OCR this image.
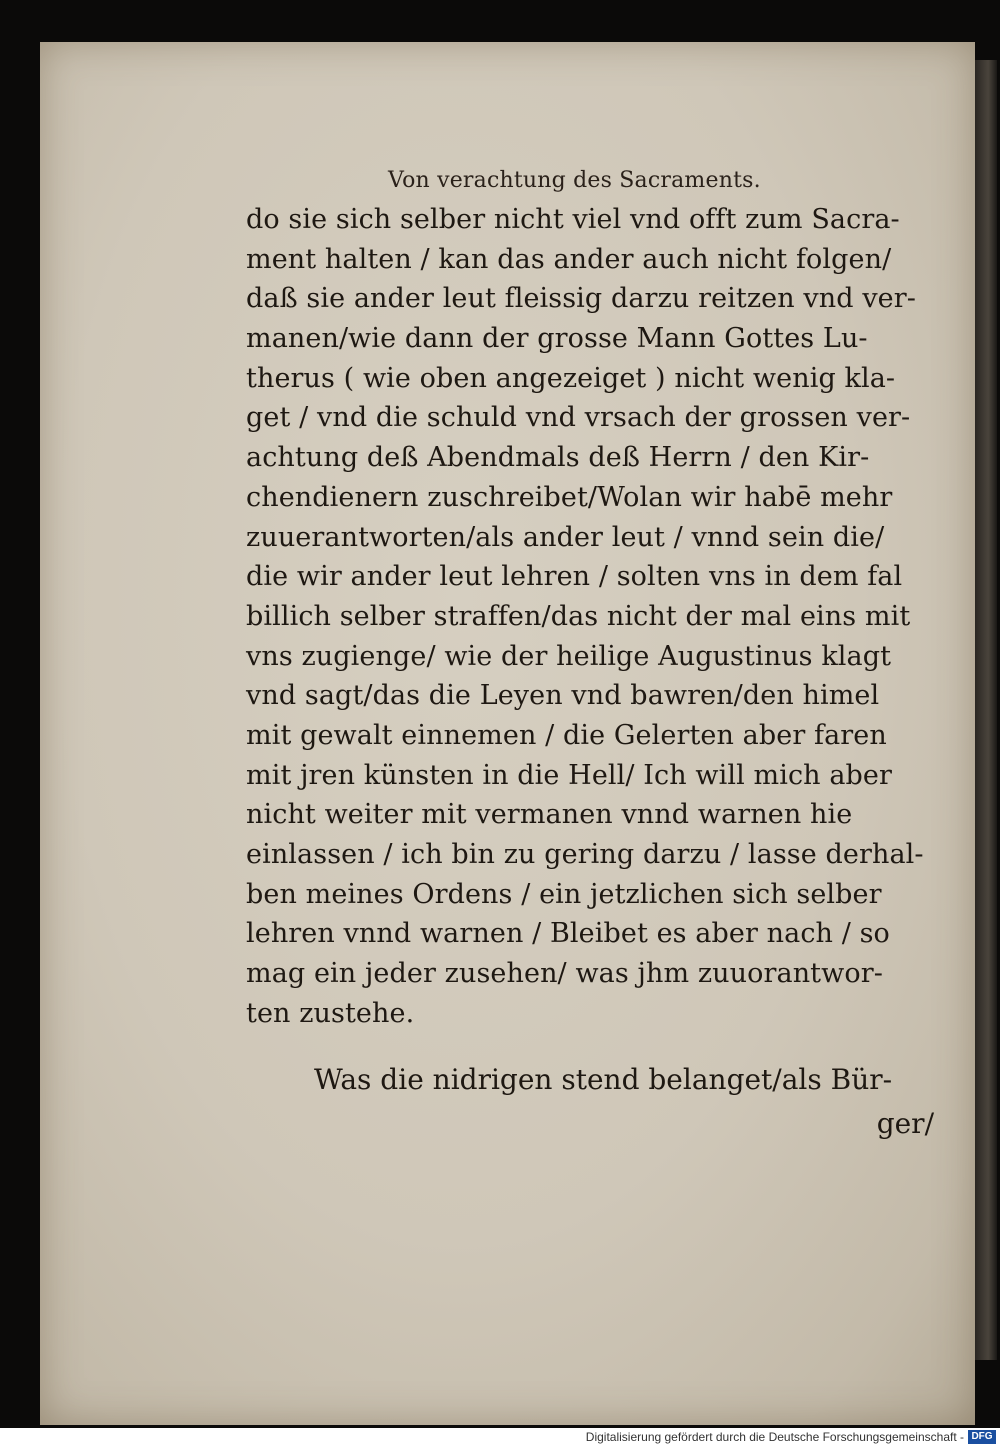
Von verachtung des Sacraments.
do sie sich selber nicht viel vnd offt zum Sacra-
ment halten / kan das ander auch nicht folgen/
daß sie ander leut fleissig darzu reitzen vnd ver-
manen/wie dann der grosse Mann Gottes Lu-
therus ( wie oben angezeiget ) nicht wenig kla-
get / vnd die schuld vnd vrsach der grossen ver-
achtung deß Abendmals deß Herrn / den Kir-
chendienern zuschreibet/Wolan wir habē mehr
zuuerantworten/als ander leut / vnnd sein die/
die wir ander leut lehren / solten vns in dem fal
billich selber straffen/das nicht der mal eins mit
vns zugienge/ wie der heilige Augustinus klagt
vnd sagt/das die Leyen vnd bawren/den himel
mit gewalt einnemen / die Gelerten aber faren
mit jren künsten in die Hell/ Ich will mich aber
nicht weiter mit vermanen vnnd warnen hie
einlassen / ich bin zu gering darzu / lasse derhal-
ben meines Ordens / ein jetzlichen sich selber
lehren vnnd warnen / Bleibet es aber nach / so
mag ein jeder zusehen/ was jhm zuuorantwor-
ten zustehe.
Was die nidrigen stend belanget/als Bür-
ger/
Digitalisierung gefördert durch die Deutsche Forschungsgemeinschaft - DFG
